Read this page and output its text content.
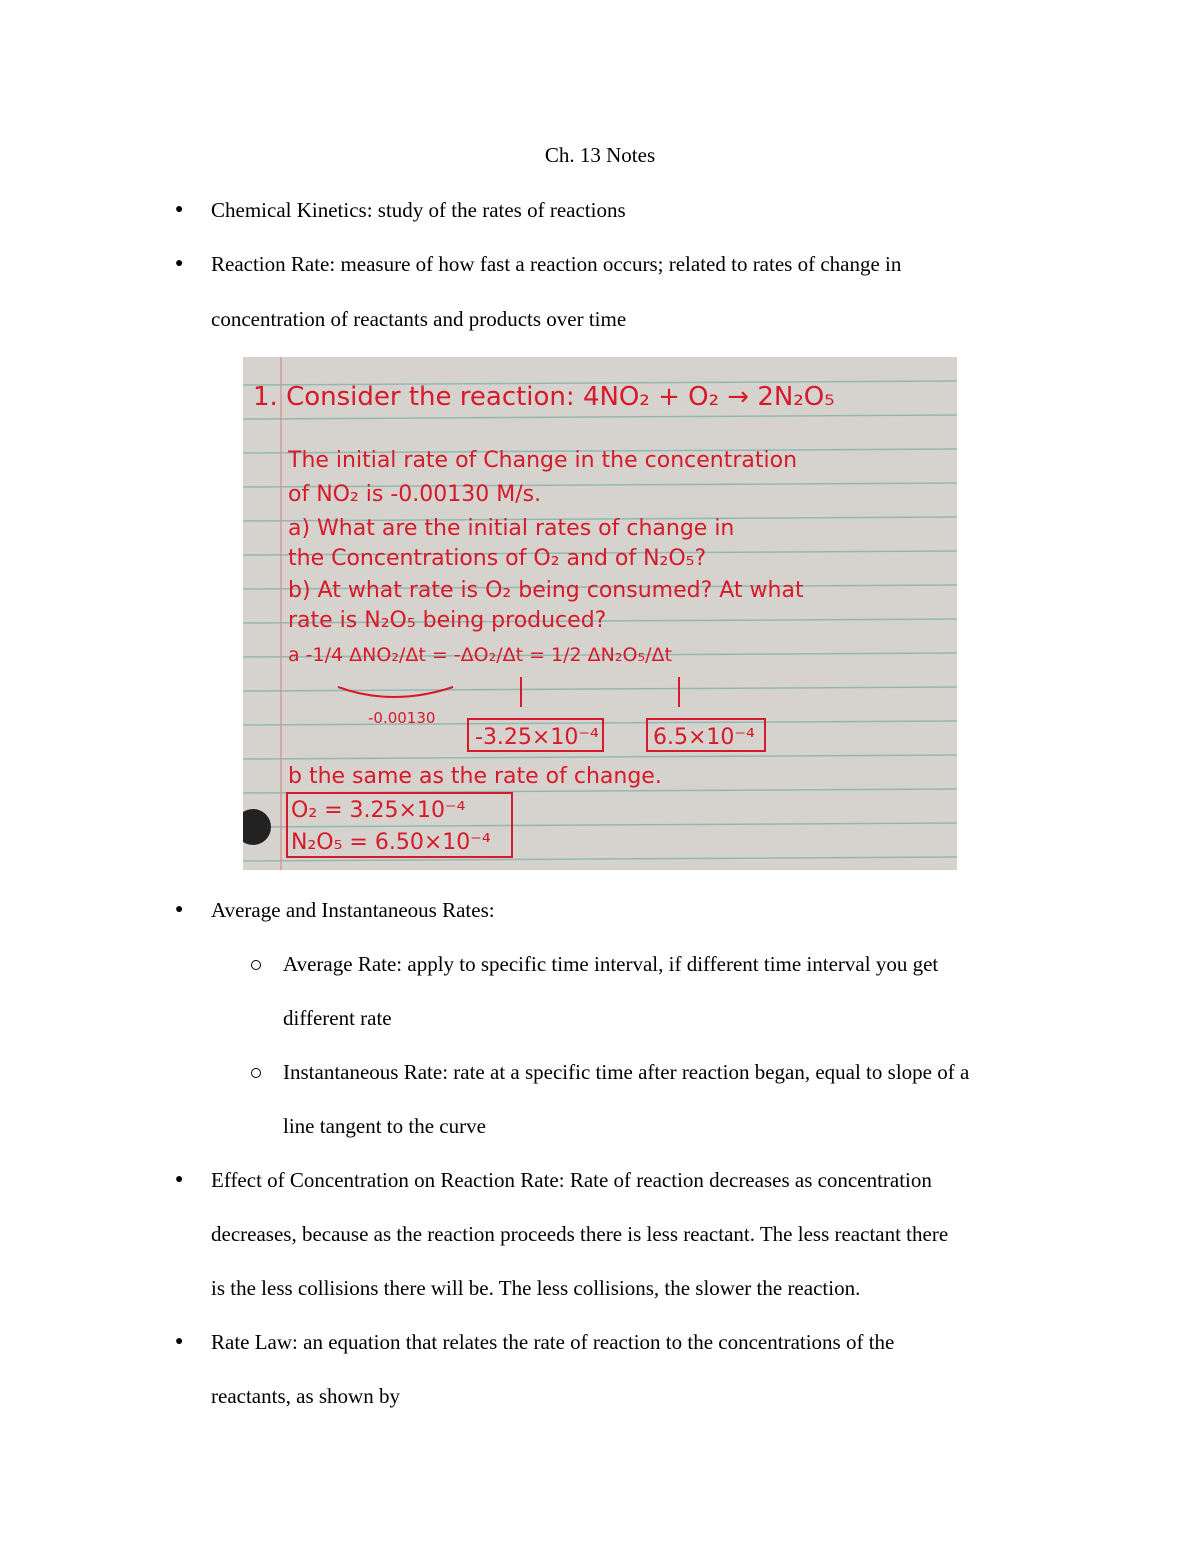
Ch. 13 Notes
● Chemical Kinetics: study of the rates of reactions
● Reaction Rate: measure of how fast a reaction occurs; related to rates of change in
concentration of reactants and products over time
1. Consider the reaction: 4NO₂ + O₂ → 2N₂O₅
The initial rate of Change in the concentration
of NO₂ is -0.00130 M/s.
a) What are the initial rates of change in
the Concentrations of O₂ and of N₂O₅?
b) At what rate is O₂ being consumed? At what
rate is N₂O₅ being produced?
a -1/4 ΔNO₂/Δt = -ΔO₂/Δt = 1/2 ΔN₂O₅/Δt
-0.00130
-3.25×10⁻⁴ 6.5×10⁻⁴
b the same as the rate of change.
O₂ = 3.25×10⁻⁴
N₂O₅ = 6.50×10⁻⁴
● Average and Instantaneous Rates:
Average Rate: apply to specific time interval, if different time interval you get
different rate
Instantaneous Rate: rate at a specific time after reaction began, equal to slope of a
line tangent to the curve
● Effect of Concentration on Reaction Rate: Rate of reaction decreases as concentration
decreases, because as the reaction proceeds there is less reactant. The less reactant there
is the less collisions there will be. The less collisions, the slower the reaction.
● Rate Law: an equation that relates the rate of reaction to the concentrations of the
reactants, as shown by
